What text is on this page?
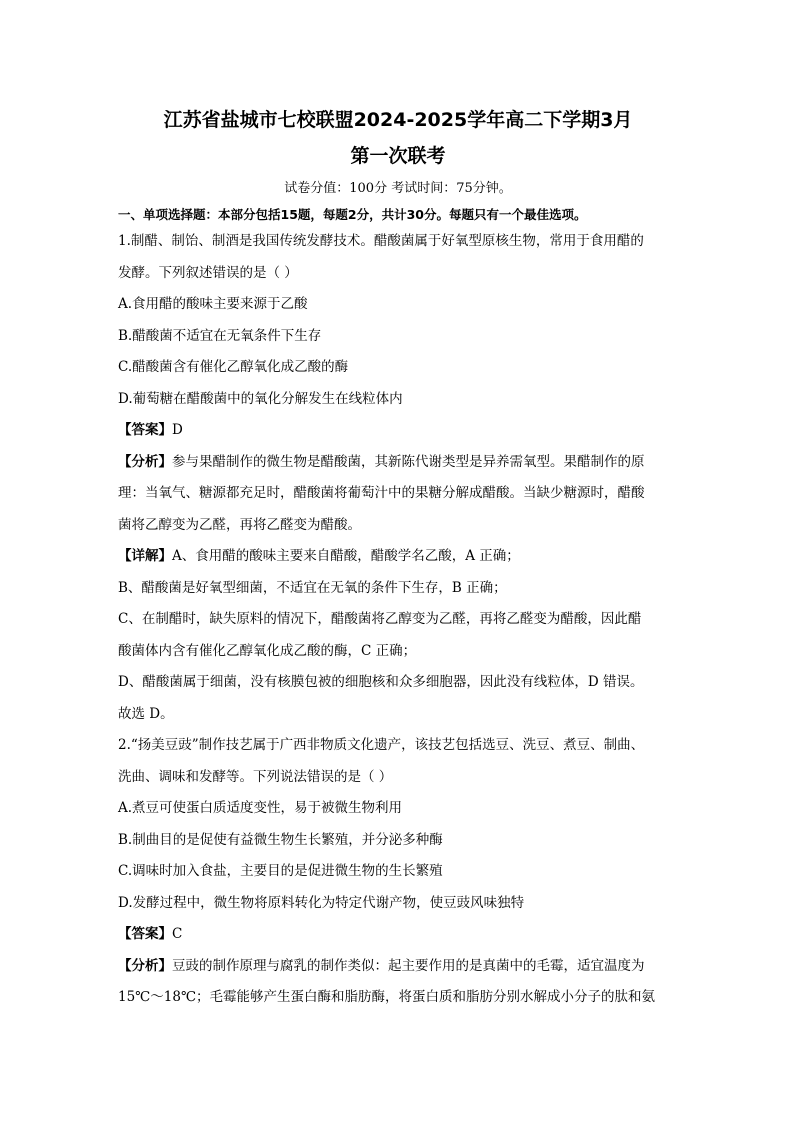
江苏省盐城市七校联盟2024-2025学年高二下学期3月
第一次联考
试卷分值：100分 考试时间：75分钟。
一、单项选择题：本部分包括15题，每题2分，共计30分。每题只有一个最佳选项。
1.制醋、制饴、制酒是我国传统发酵技术。醋酸菌属于好氧型原核生物，常用于食用醋的
发酵。下列叙述错误的是（ ）
A.食用醋的酸味主要来源于乙酸
B.醋酸菌不适宜在无氧条件下生存
C.醋酸菌含有催化乙醇氧化成乙酸的酶
D.葡萄糖在醋酸菌中的氧化分解发生在线粒体内
【答案】D
【分析】参与果醋制作的微生物是醋酸菌，其新陈代谢类型是异养需氧型。果醋制作的原
理：当氧气、糖源都充足时，醋酸菌将葡萄汁中的果糖分解成醋酸。当缺少糖源时，醋酸
菌将乙醇变为乙醛，再将乙醛变为醋酸。
【详解】A、食用醋的酸味主要来自醋酸，醋酸学名乙酸，A 正确；
B、醋酸菌是好氧型细菌，不适宜在无氧的条件下生存，B 正确；
C、在制醋时，缺失原料的情况下，醋酸菌将乙醇变为乙醛，再将乙醛变为醋酸，因此醋
酸菌体内含有催化乙醇氧化成乙酸的酶，C 正确；
D、醋酸菌属于细菌，没有核膜包被的细胞核和众多细胞器，因此没有线粒体，D 错误。
故选 D。
2.“扬美豆豉”制作技艺属于广西非物质文化遗产，该技艺包括选豆、洗豆、煮豆、制曲、
洗曲、调味和发酵等。下列说法错误的是（ ）
A.煮豆可使蛋白质适度变性，易于被微生物利用
B.制曲目的是促使有益微生物生长繁殖，并分泌多种酶
C.调味时加入食盐，主要目的是促进微生物的生长繁殖
D.发酵过程中，微生物将原料转化为特定代谢产物，使豆豉风味独特
【答案】C
【分析】豆豉的制作原理与腐乳的制作类似：起主要作用的是真菌中的毛霉，适宜温度为
15℃～18℃；毛霉能够产生蛋白酶和脂肪酶，将蛋白质和脂肪分别水解成小分子的肽和氨
